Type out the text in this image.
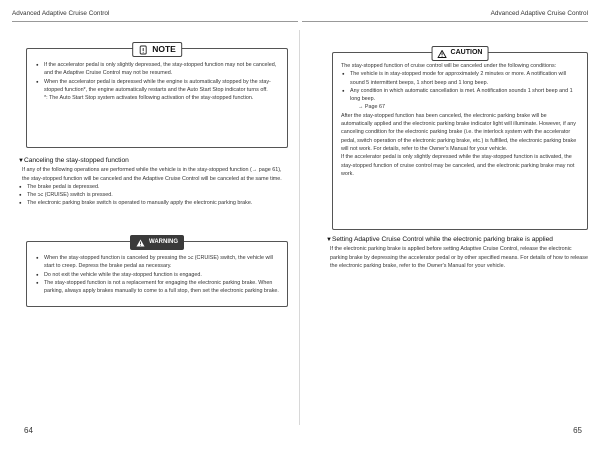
Advanced Adaptive Cruise Control
NOTE
● If the accelerator pedal is only slightly depressed, the stay-stopped function may not be canceled, and the Adaptive Cruise Control may not be resumed.
● When the accelerator pedal is depressed while the engine is automatically stopped by the stay-stopped function*, the engine automatically restarts and the Auto Start Stop indicator turns off.
*: The Auto Start Stop system activates following activation of the stay-stopped function.
▼Canceling the stay-stopped function

If any of the following operations are performed while the vehicle is in the stay-stopped function (→ page 61), the stay-stopped function will be canceled and the Adaptive Cruise Control will be canceled at the same time.

● The brake pedal is depressed.
● The ⫗ (CRUISE) switch is pressed.
● The electronic parking brake switch is operated to manually apply the electronic parking brake.
WARNING
● When the stay-stopped function is canceled by pressing the ⫗ (CRUISE) switch, the vehicle will start to creep. Depress the brake pedal as necessary.
● Do not exit the vehicle while the stay-stopped function is engaged.
● The stay-stopped function is not a replacement for engaging the electronic parking brake. When parking, always apply brakes manually to come to a full stop, then set the electronic parking brake.
64
Advanced Adaptive Cruise Control
CAUTION
The stay-stopped function of cruise control will be canceled under the following conditions:
● The vehicle is in stay-stopped mode for approximately 2 minutes or more. A notification will sound 5 intermittent beeps, 1 short beep and 1 long beep.
● Any condition in which automatic cancellation is met. A notification sounds 1 short beep and 1 long beep.
→ Page 67
After the stay-stopped function has been canceled, the electronic parking brake will be automatically applied and the electronic parking brake indicator light will illuminate. However, if any canceling condition for the electronic parking brake (i.e. the interlock system with the accelerator pedal, switch operation of the electronic parking brake, etc.) is fulfilled, the electronic parking brake will not work. For details, refer to the Owner's Manual for your vehicle.
If the accelerator pedal is only slightly depressed while the stay-stopped function is activated, the stay-stopped function of cruise control may be canceled, and the electronic parking brake may not work.
▼Setting Adaptive Cruise Control while the electronic parking brake is applied

If the electronic parking brake is applied before setting Adaptive Cruise Control, release the electronic parking brake by depressing the accelerator pedal or by other specified means. For details of how to release the electronic parking brake, refer to the Owner's Manual for your vehicle.

65
